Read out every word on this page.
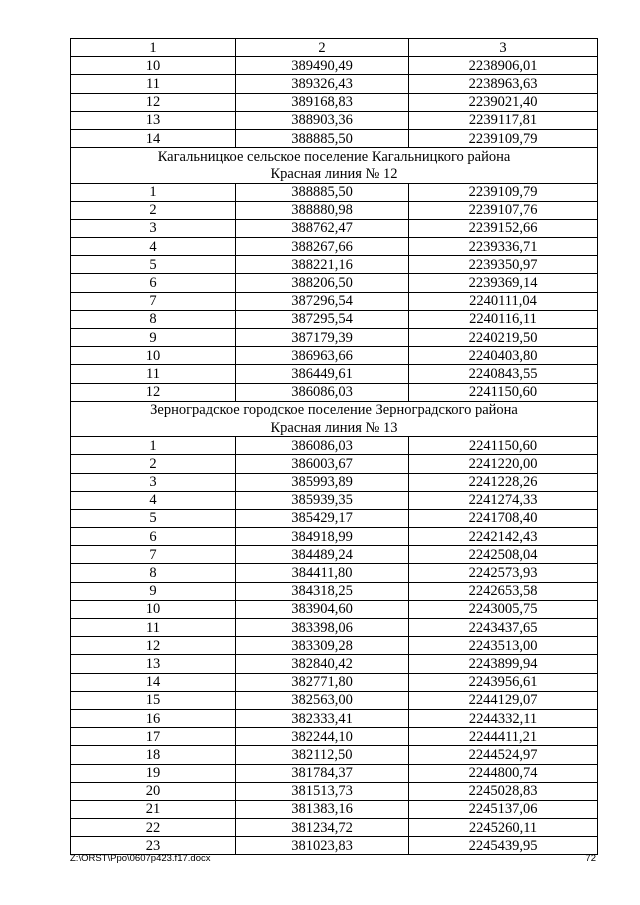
1	2	3
10	389490,49	2238906,01
11	389326,43	2238963,63
12	389168,83	2239021,40
13	388903,36	2239117,81
14	388885,50	2239109,79
Кагальницкое сельское поселение Кагальницкого района		
Красная линия № 12		
1	388885,50	2239109,79
2	388880,98	2239107,76
3	388762,47	2239152,66
4	388267,66	2239336,71
5	388221,16	2239350,97
6	388206,50	2239369,14
7	387296,54	2240111,04
8	387295,54	2240116,11
9	387179,39	2240219,50
10	386963,66	2240403,80
11	386449,61	2240843,55
12	386086,03	2241150,60
Зерноградское городское поселение Зерноградского района		
Красная линия № 13		
1	386086,03	2241150,60
2	386003,67	2241220,00
3	385993,89	2241228,26
4	385939,35	2241274,33
5	385429,17	2241708,40
6	384918,99	2242142,43
7	384489,24	2242508,04
8	384411,80	2242573,93
9	384318,25	2242653,58
10	383904,60	2243005,75
11	383398,06	2243437,65
12	383309,28	2243513,00
13	382840,42	2243899,94
14	382771,80	2243956,61
15	382563,00	2244129,07
16	382333,41	2244332,11
17	382244,10	2244411,21
18	382112,50	2244524,97
19	381784,37	2244800,74
20	381513,73	2245028,83
21	381383,16	2245137,06
22	381234,72	2245260,11
23	381023,83	2245439,95
Z:\ORST\Ppo\0607p423.f17.docx	72
